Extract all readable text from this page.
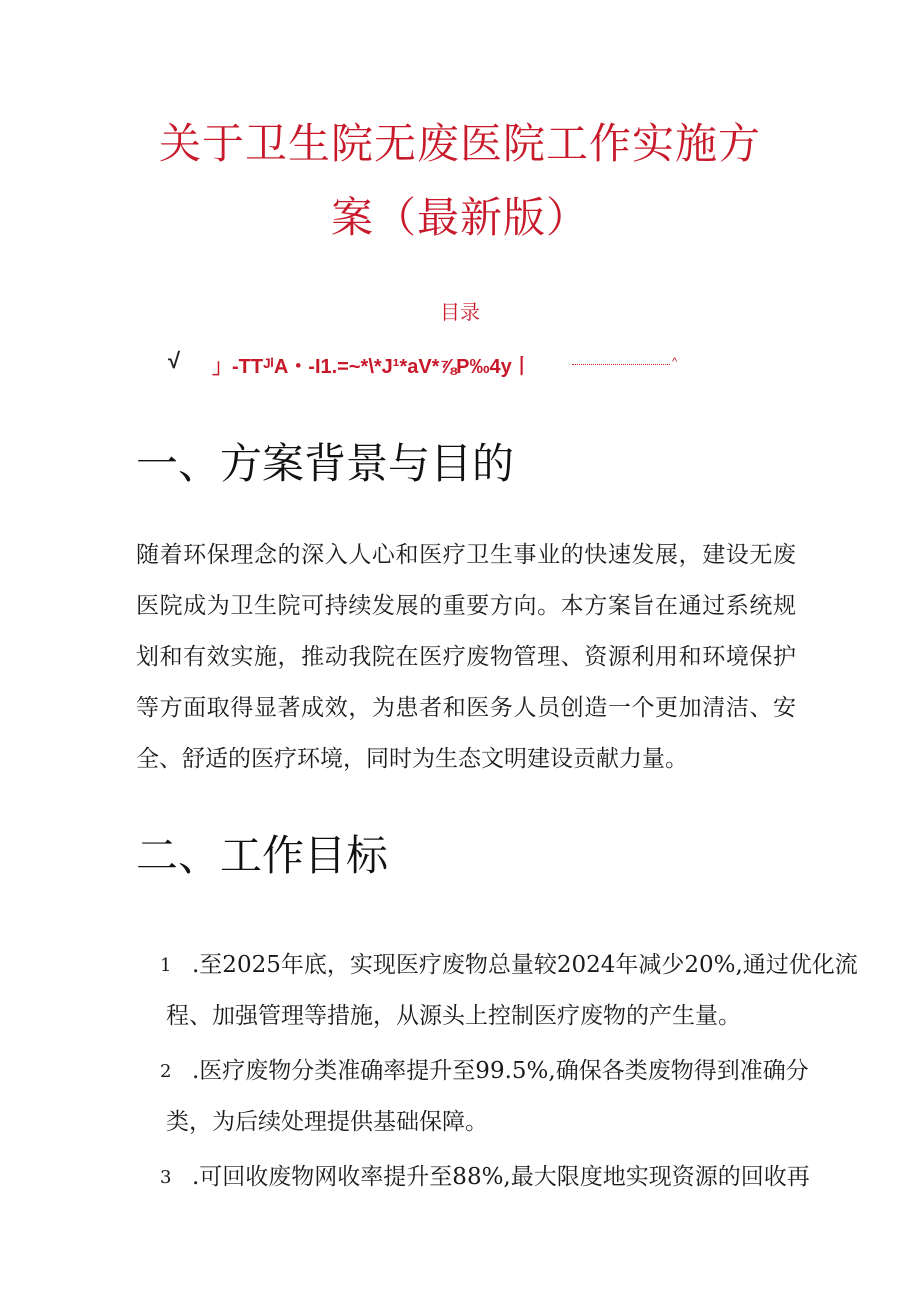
关于卫生院无废医院工作实施方
案（最新版）
目录
√ 」-TTᴶⁱA・-I1.=~*\*J¹*aV*⅞P‰4y丨	^
一、方案背景与目的
随着环保理念的深入人心和医疗卫生事业的快速发展，建设无废
医院成为卫生院可持续发展的重要方向。本方案旨在通过系统规
划和有效实施，推动我院在医疗废物管理、资源利用和环境保护
等方面取得显著成效，为患者和医务人员创造一个更加清洁、安
全、舒适的医疗环境，同时为生态文明建设贡献力量。
二、工作目标
1 .至2025年底，实现医疗废物总量较2024年减少20%,通过优化流
程、加强管理等措施，从源头上控制医疗废物的产生量。
2 .医疗废物分类准确率提升至99.5%,确保各类废物得到准确分
类，为后续处理提供基础保障。
3 .可回收废物网收率提升至88%,最大限度地实现资源的回收再
